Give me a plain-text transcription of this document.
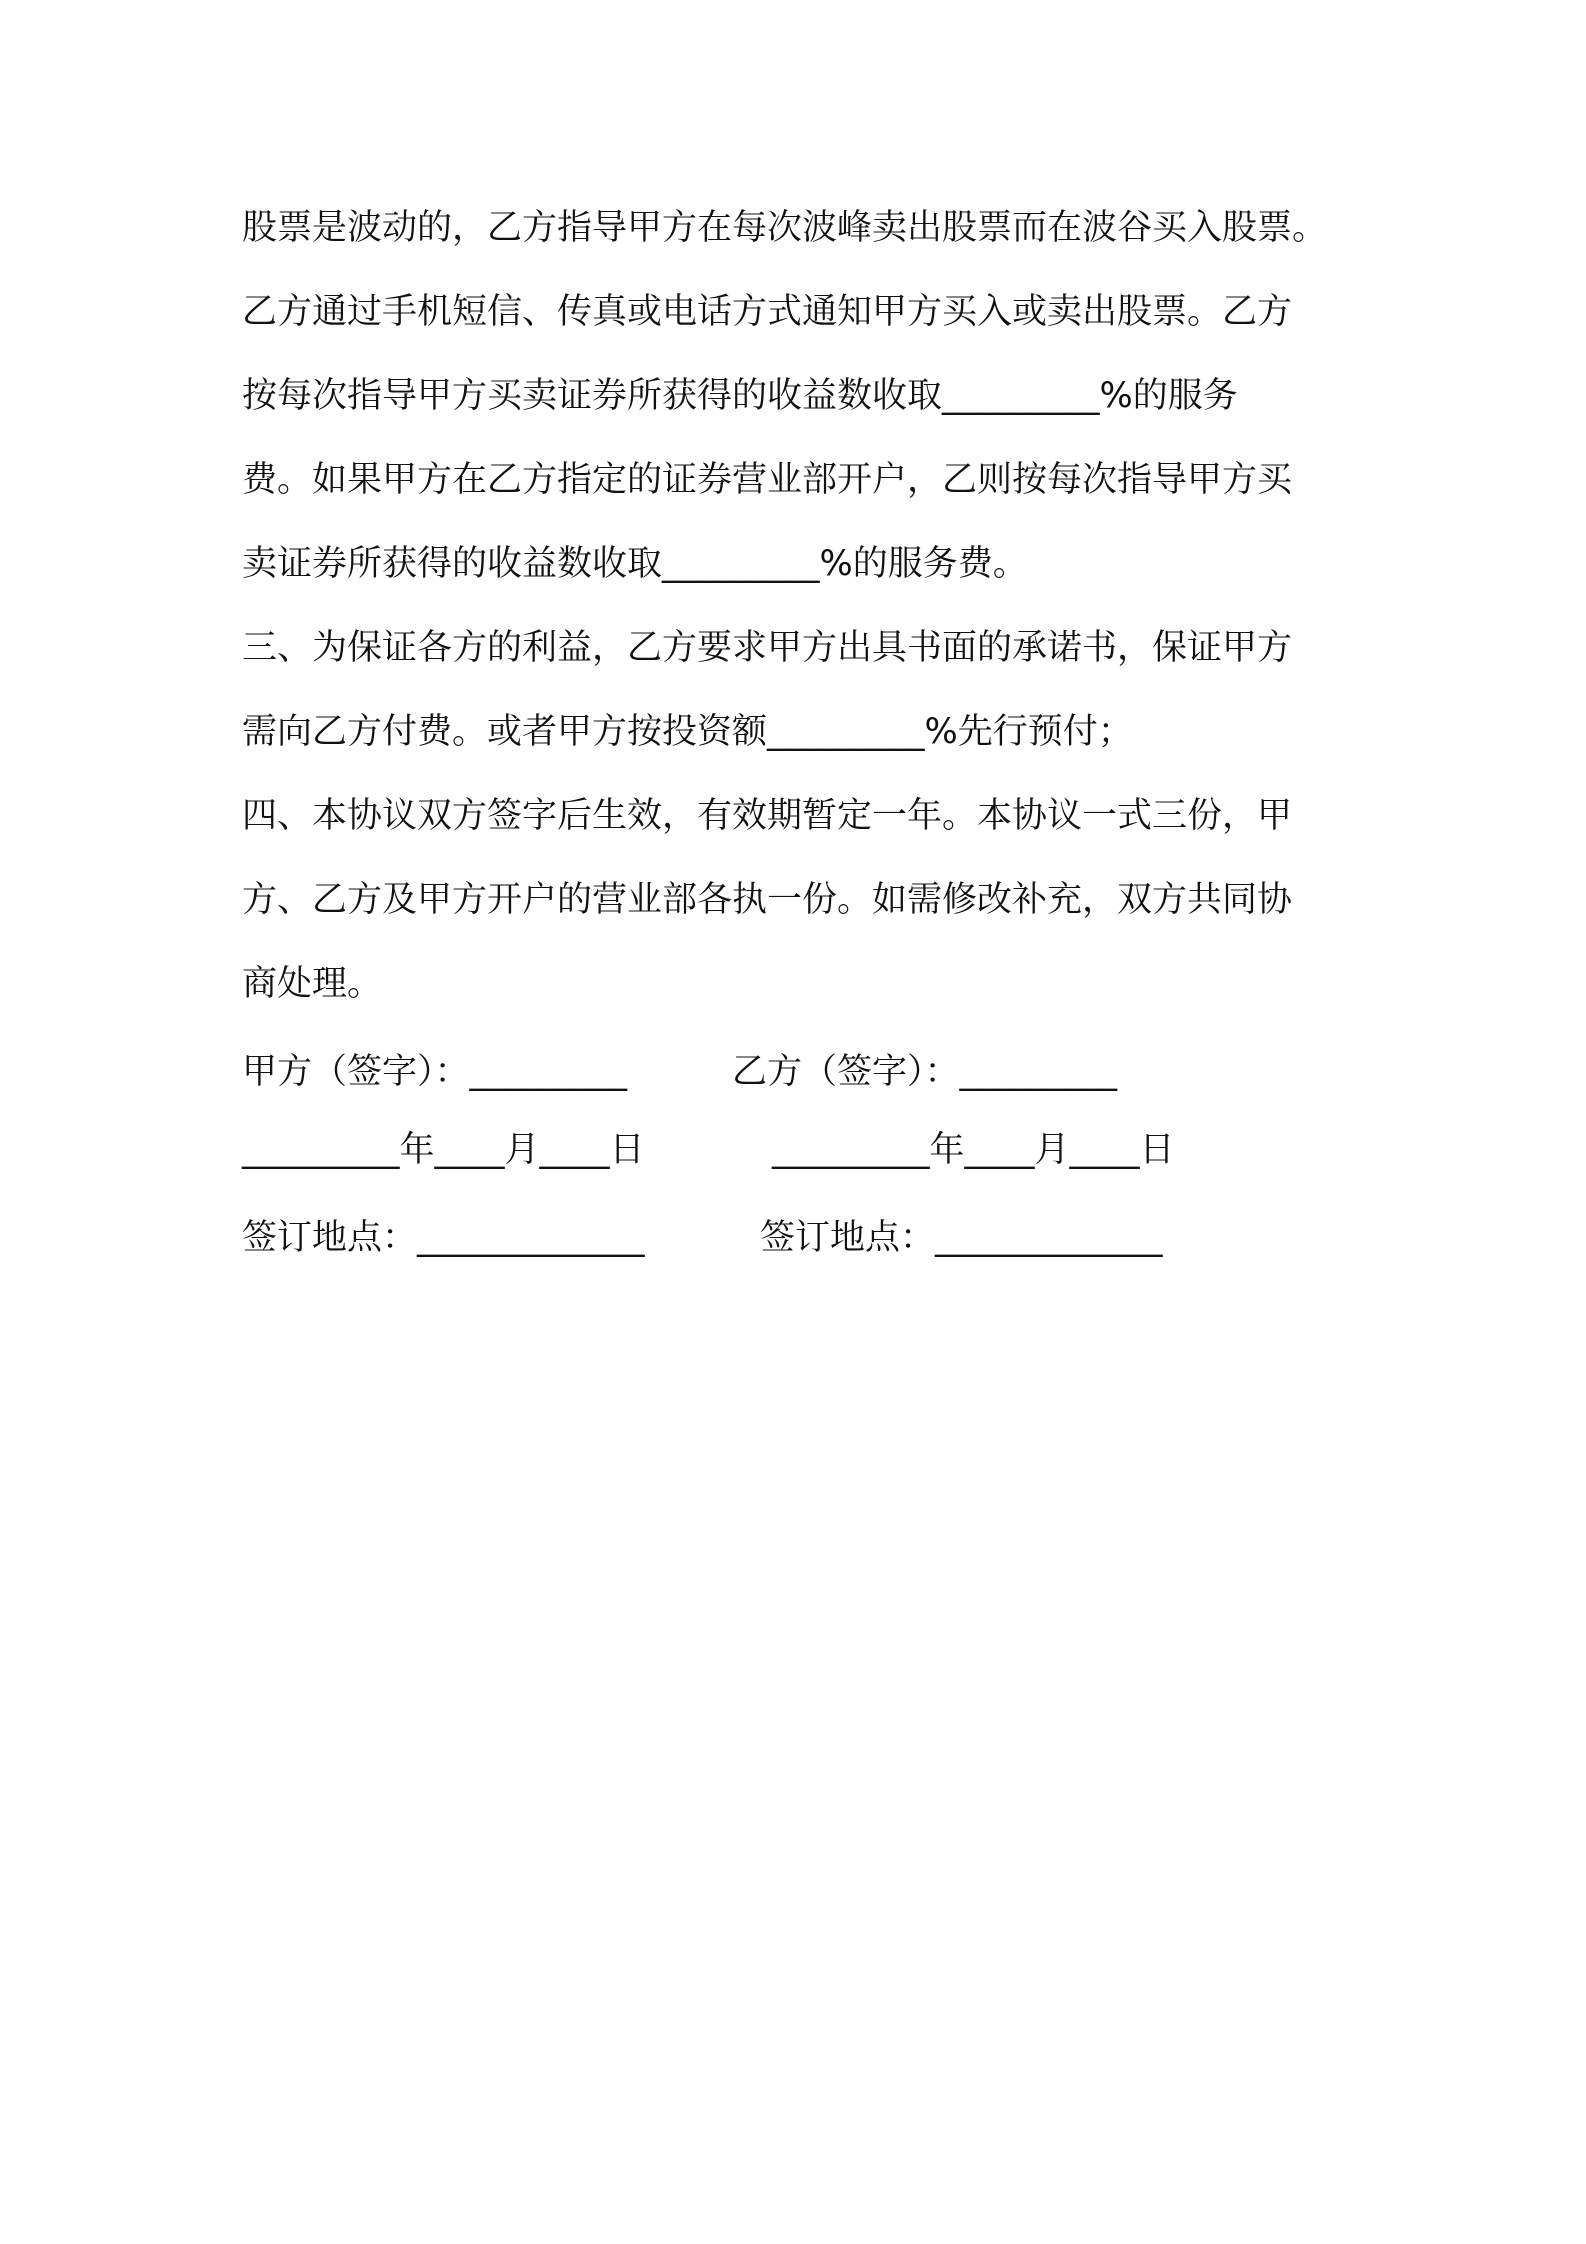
股票是波动的，乙方指导甲方在每次波峰卖出股票而在波谷买入股票。
乙方通过手机短信、传真或电话方式通知甲方买入或卖出股票。乙方
按每次指导甲方买卖证券所获得的收益数收取_________%的服务
费。如果甲方在乙方指定的证券营业部开户，乙则按每次指导甲方买
卖证券所获得的收益数收取_________%的服务费。
三、为保证各方的利益，乙方要求甲方出具书面的承诺书，保证甲方
需向乙方付费。或者甲方按投资额_________%先行预付；
四、本协议双方签字后生效，有效期暂定一年。本协议一式三份，甲
方、乙方及甲方开户的营业部各执一份。如需修改补充，双方共同协
商处理。
甲方（签字）：_________	乙方（签字）：_________
_________年____月____日	_________年____月____日
签订地点：_____________	签订地点：_____________
